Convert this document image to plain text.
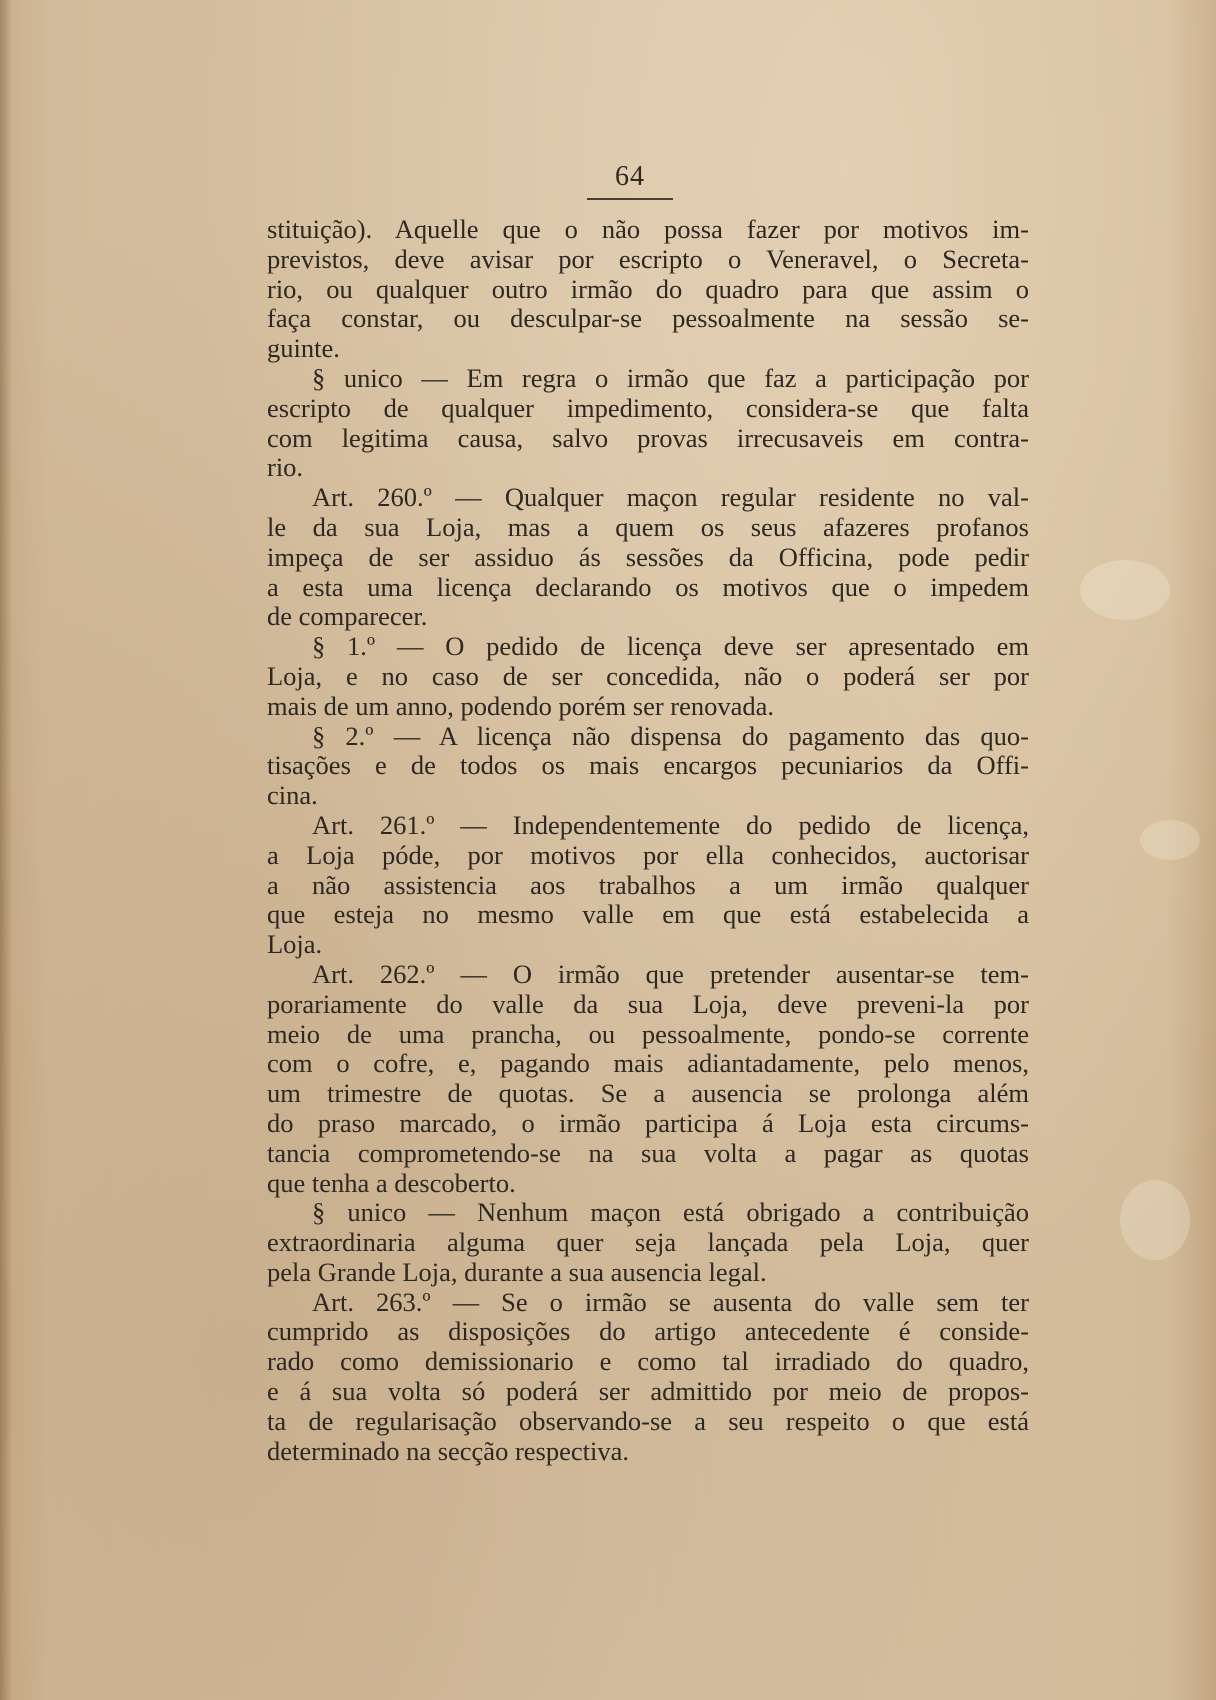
64
stituição). Aquelle que o não possa fazer por motivos im-
previstos, deve avisar por escripto o Veneravel, o Secreta-
rio, ou qualquer outro irmão do quadro para que assim o
faça constar, ou desculpar-se pessoalmente na sessão se-
guinte.
§ unico — Em regra o irmão que faz a participação por
escripto de qualquer impedimento, considera-se que falta
com legitima causa, salvo provas irrecusaveis em contra-
rio.
Art. 260.º — Qualquer maçon regular residente no val-
le da sua Loja, mas a quem os seus afazeres profanos
impeça de ser assiduo ás sessões da Officina, pode pedir
a esta uma licença declarando os motivos que o impedem
de comparecer.
§ 1.º — O pedido de licença deve ser apresentado em
Loja, e no caso de ser concedida, não o poderá ser por
mais de um anno, podendo porém ser renovada.
§ 2.º — A licença não dispensa do pagamento das quo-
tisações e de todos os mais encargos pecuniarios da Offi-
cina.
Art. 261.º — Independentemente do pedido de licença,
a Loja póde, por motivos por ella conhecidos, auctorisar
a não assistencia aos trabalhos a um irmão qualquer
que esteja no mesmo valle em que está estabelecida a
Loja.
Art. 262.º — O irmão que pretender ausentar-se tem-
porariamente do valle da sua Loja, deve preveni-la por
meio de uma prancha, ou pessoalmente, pondo-se corrente
com o cofre, e, pagando mais adiantadamente, pelo menos,
um trimestre de quotas. Se a ausencia se prolonga além
do praso marcado, o irmão participa á Loja esta circums-
tancia comprometendo-se na sua volta a pagar as quotas
que tenha a descoberto.
§ unico — Nenhum maçon está obrigado a contribuição
extraordinaria alguma quer seja lançada pela Loja, quer
pela Grande Loja, durante a sua ausencia legal.
Art. 263.º — Se o irmão se ausenta do valle sem ter
cumprido as disposições do artigo antecedente é conside-
rado como demissionario e como tal irradiado do quadro,
e á sua volta só poderá ser admittido por meio de propos-
ta de regularisação observando-se a seu respeito o que está
determinado na secção respectiva.
